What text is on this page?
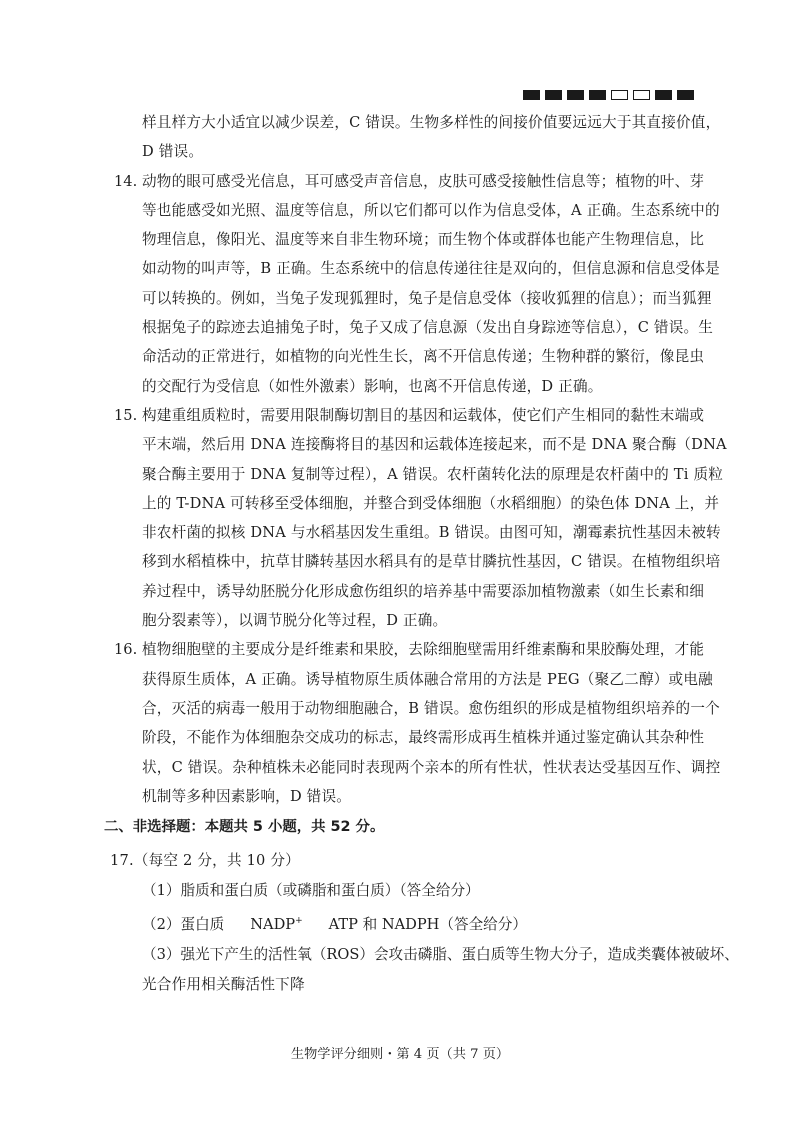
样且样方大小适宜以减少误差，C 错误。生物多样性的间接价值要远远大于其直接价值，
D 错误。
14. 动物的眼可感受光信息，耳可感受声音信息，皮肤可感受接触性信息等；植物的叶、芽
等也能感受如光照、温度等信息，所以它们都可以作为信息受体，A 正确。生态系统中的
物理信息，像阳光、温度等来自非生物环境；而生物个体或群体也能产生物理信息，比
如动物的叫声等，B 正确。生态系统中的信息传递往往是双向的，但信息源和信息受体是
可以转换的。例如，当兔子发现狐狸时，兔子是信息受体（接收狐狸的信息）；而当狐狸
根据兔子的踪迹去追捕兔子时，兔子又成了信息源（发出自身踪迹等信息），C 错误。生
命活动的正常进行，如植物的向光性生长，离不开信息传递；生物种群的繁衍，像昆虫
的交配行为受信息（如性外激素）影响，也离不开信息传递，D 正确。
15. 构建重组质粒时，需要用限制酶切割目的基因和运载体，使它们产生相同的黏性末端或
平末端，然后用 DNA 连接酶将目的基因和运载体连接起来，而不是 DNA 聚合酶（DNA
聚合酶主要用于 DNA 复制等过程），A 错误。农杆菌转化法的原理是农杆菌中的 Ti 质粒
上的 T-DNA 可转移至受体细胞，并整合到受体细胞（水稻细胞）的染色体 DNA 上，并
非农杆菌的拟核 DNA 与水稻基因发生重组。B 错误。由图可知，潮霉素抗性基因未被转
移到水稻植株中，抗草甘膦转基因水稻具有的是草甘膦抗性基因，C 错误。在植物组织培
养过程中，诱导幼胚脱分化形成愈伤组织的培养基中需要添加植物激素（如生长素和细
胞分裂素等），以调节脱分化等过程，D 正确。
16. 植物细胞壁的主要成分是纤维素和果胶，去除细胞壁需用纤维素酶和果胶酶处理，才能
获得原生质体，A 正确。诱导植物原生质体融合常用的方法是 PEG（聚乙二醇）或电融
合，灭活的病毒一般用于动物细胞融合，B 错误。愈伤组织的形成是植物组织培养的一个
阶段，不能作为体细胞杂交成功的标志，最终需形成再生植株并通过鉴定确认其杂种性
状，C 错误。杂种植株未必能同时表现两个亲本的所有性状，性状表达受基因互作、调控
机制等多种因素影响，D 错误。
二、非选择题：本题共 5 小题，共 52 分。
17.（每空 2 分，共 10 分）
（1）脂质和蛋白质（或磷脂和蛋白质）（答全给分）
（2）蛋白质 NADP+ ATP 和 NADPH（答全给分）
（3）强光下产生的活性氧（ROS）会攻击磷脂、蛋白质等生物大分子，造成类囊体被破坏、
光合作用相关酶活性下降
生物学评分细则・第 4 页（共 7 页）
